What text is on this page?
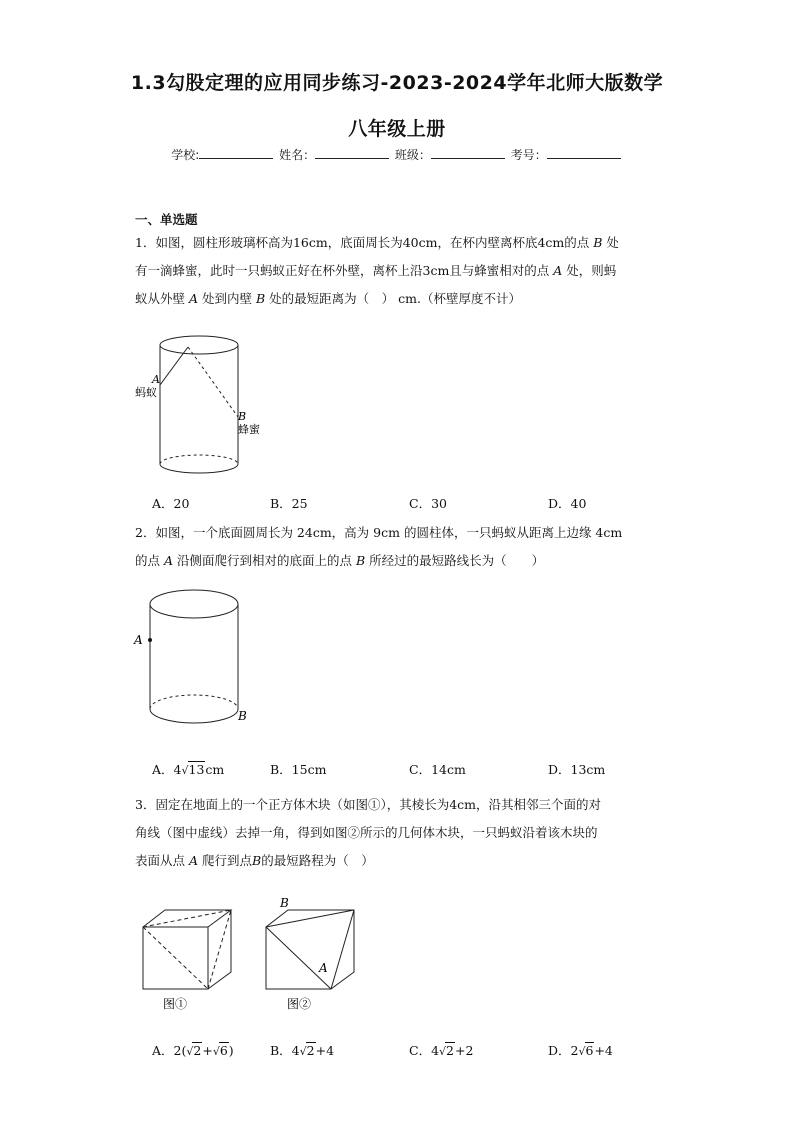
1.3勾股定理的应用同步练习-2023-2024学年北师大版数学
八年级上册
学校:	姓名：	班级：	考号：
一、单选题
1．如图，圆柱形玻璃杯高为16cm，底面周长为40cm，在杯内壁离杯底4cm的点 B 处
有一滴蜂蜜，此时一只蚂蚁正好在杯外壁，离杯上沿3cm且与蜂蜜相对的点 A 处，则蚂
蚁从外壁 A 处到内壁 B 处的最短距离为（　） cm.（杯壁厚度不计）
A
蚂蚁
B
蜂蜜
A．20	B．25	C．30	D．40
2．如图，一个底面圆周长为 24cm，高为 9cm 的圆柱体，一只蚂蚁从距离上边缘 4cm
的点 A 沿侧面爬行到相对的底面上的点 B 所经过的最短路线长为（　　）
A
B
A．4√13cm	B．15cm	C．14cm	D．13cm
3．固定在地面上的一个正方体木块（如图①），其棱长为4cm，沿其相邻三个面的对
角线（图中虚线）去掉一角，得到如图②所示的几何体木块，一只蚂蚁沿着该木块的
表面从点 A 爬行到点B的最短路程为（　）
图①
B
A
图②
A．2(√2+√6)	B．4√2+4	C．4√2+2	D．2√6+4
